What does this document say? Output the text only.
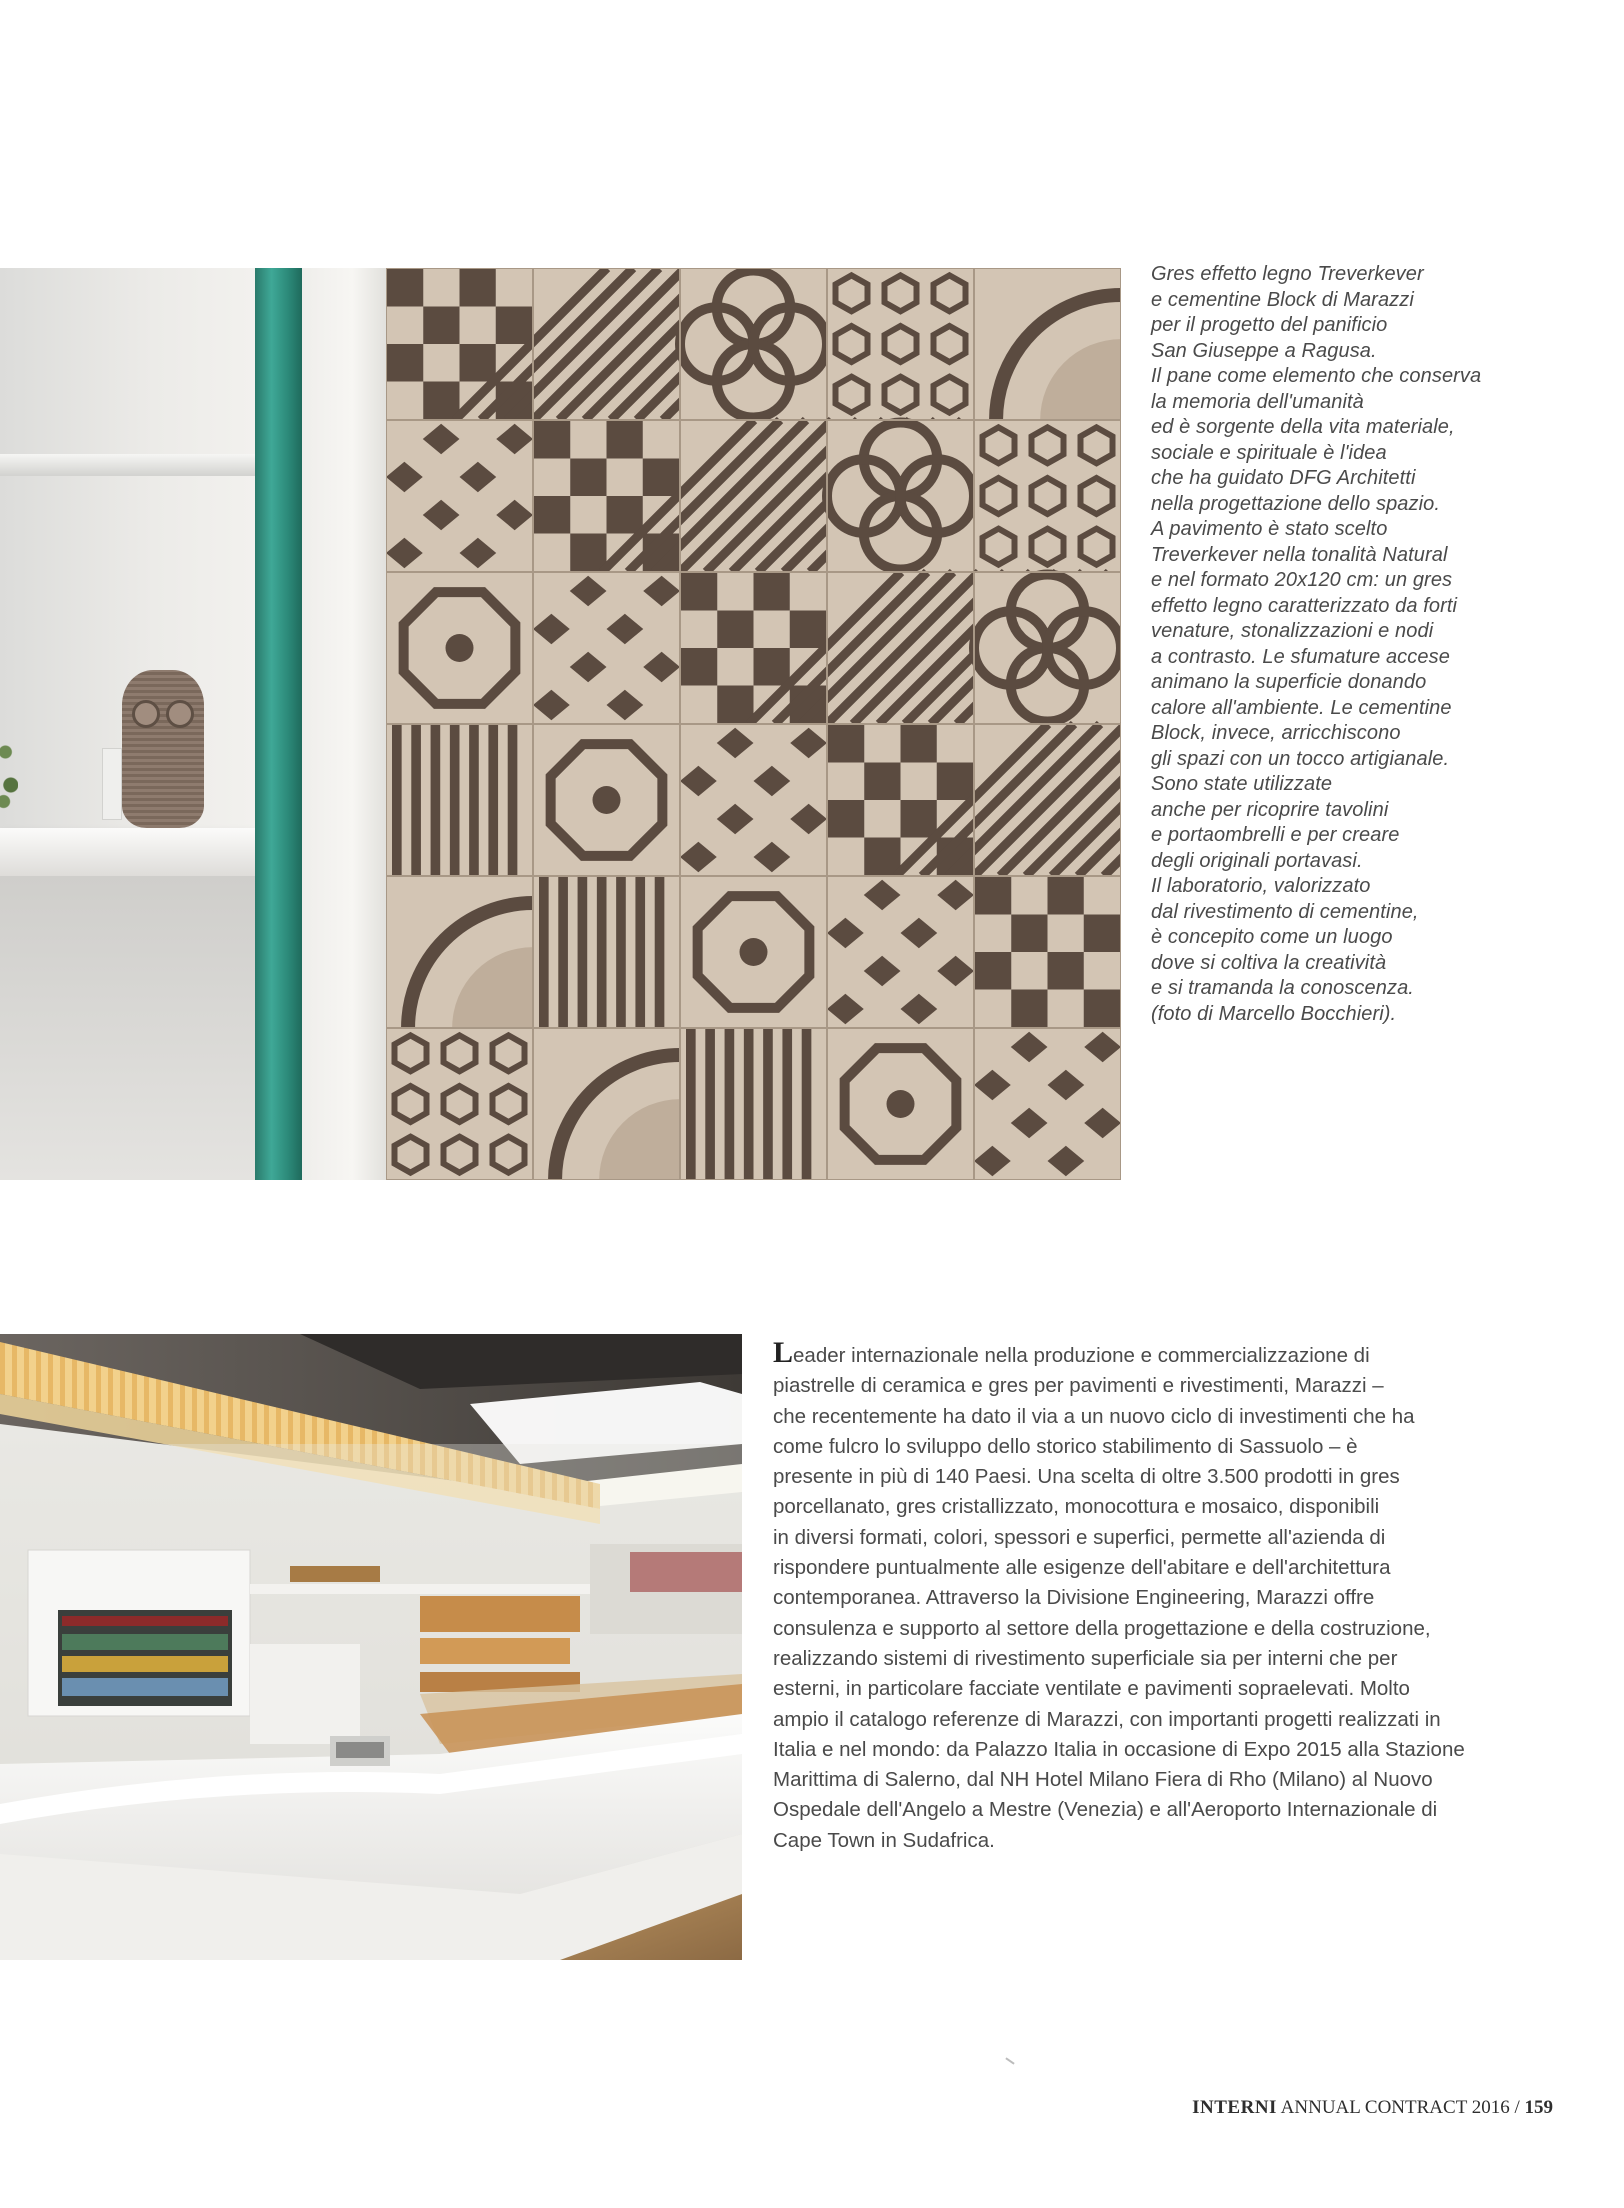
Gres effetto legno Treverkever
e cementine Block di Marazzi
per il progetto del panificio
San Giuseppe a Ragusa.
Il pane come elemento che conserva
la memoria dell'umanità
ed è sorgente della vita materiale,
sociale e spirituale è l'idea
che ha guidato DFG Architetti
nella progettazione dello spazio.
A pavimento è stato scelto
Treverkever nella tonalità Natural
e nel formato 20x120 cm: un gres
effetto legno caratterizzato da forti
venature, stonalizzazioni e nodi
a contrasto. Le sfumature accese
animano la superficie donando
calore all'ambiente. Le cementine
Block, invece, arricchiscono
gli spazi con un tocco artigianale.
Sono state utilizzate
anche per ricoprire tavolini
e portaombrelli e per creare
degli originali portavasi.
Il laboratorio, valorizzato
dal rivestimento di cementine,
è concepito come un luogo
dove si coltiva la creatività
e si tramanda la conoscenza.
(foto di Marcello Bocchieri).
Leader internazionale nella produzione e commercializzazione di
piastrelle di ceramica e gres per pavimenti e rivestimenti, Marazzi –
che recentemente ha dato il via a un nuovo ciclo di investimenti che ha
come fulcro lo sviluppo dello storico stabilimento di Sassuolo – è
presente in più di 140 Paesi. Una scelta di oltre 3.500 prodotti in gres
porcellanato, gres cristallizzato, monocottura e mosaico, disponibili
in diversi formati, colori, spessori e superfici, permette all'azienda di
rispondere puntualmente alle esigenze dell'abitare e dell'architettura
contemporanea. Attraverso la Divisione Engineering, Marazzi offre
consulenza e supporto al settore della progettazione e della costruzione,
realizzando sistemi di rivestimento superficiale sia per interni che per
esterni, in particolare facciate ventilate e pavimenti sopraelevati. Molto
ampio il catalogo referenze di Marazzi, con importanti progetti realizzati in
Italia e nel mondo: da Palazzo Italia in occasione di Expo 2015 alla Stazione
Marittima di Salerno, dal NH Hotel Milano Fiera di Rho (Milano) al Nuovo
Ospedale dell'Angelo a Mestre (Venezia) e all'Aeroporto Internazionale di
Cape Town in Sudafrica.
INTERNI ANNUAL CONTRACT 2016 / 159
